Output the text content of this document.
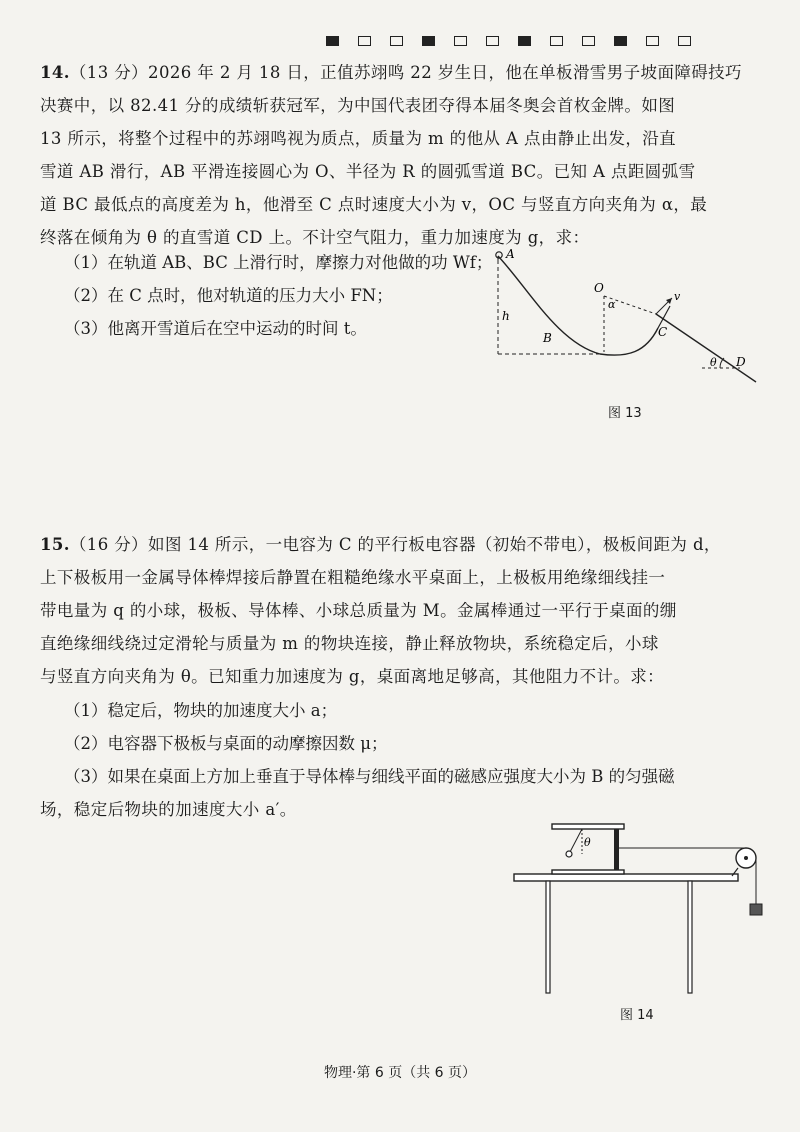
14.（13 分）2026 年 2 月 18 日，正值苏翊鸣 22 岁生日，他在单板滑雪男子坡面障碍技巧
决赛中，以 82.41 分的成绩斩获冠军，为中国代表团夺得本届冬奥会首枚金牌。如图
13 所示，将整个过程中的苏翊鸣视为质点，质量为 m 的他从 A 点由静止出发，沿直
雪道 AB 滑行，AB 平滑连接圆心为 O、半径为 R 的圆弧雪道 BC。已知 A 点距圆弧雪
道 BC 最低点的高度差为 h，他滑至 C 点时速度大小为 v，OC 与竖直方向夹角为 α，最
终落在倾角为 θ 的直雪道 CD 上。不计空气阻力，重力加速度为 g，求：
（1）在轨道 AB、BC 上滑行时，摩擦力对他做的功 Wf；
（2）在 C 点时，他对轨道的压力大小 FN；
（3）他离开雪道后在空中运动的时间 t。
A
h
B
O
α
v
C
θ D
图 13
15.（16 分）如图 14 所示，一电容为 C 的平行板电容器（初始不带电），极板间距为 d，
上下极板用一金属导体棒焊接后静置在粗糙绝缘水平桌面上，上极板用绝缘细线挂一
带电量为 q 的小球，极板、导体棒、小球总质量为 M。金属棒通过一平行于桌面的绷
直绝缘细线绕过定滑轮与质量为 m 的物块连接，静止释放物块，系统稳定后，小球
与竖直方向夹角为 θ。已知重力加速度为 g，桌面离地足够高，其他阻力不计。求：
（1）稳定后，物块的加速度大小 a；
（2）电容器下极板与桌面的动摩擦因数 μ；
（3）如果在桌面上方加上垂直于导体棒与细线平面的磁感应强度大小为 B 的匀强磁
场，稳定后物块的加速度大小 a′。
θ
图 14
物理·第 6 页（共 6 页）
